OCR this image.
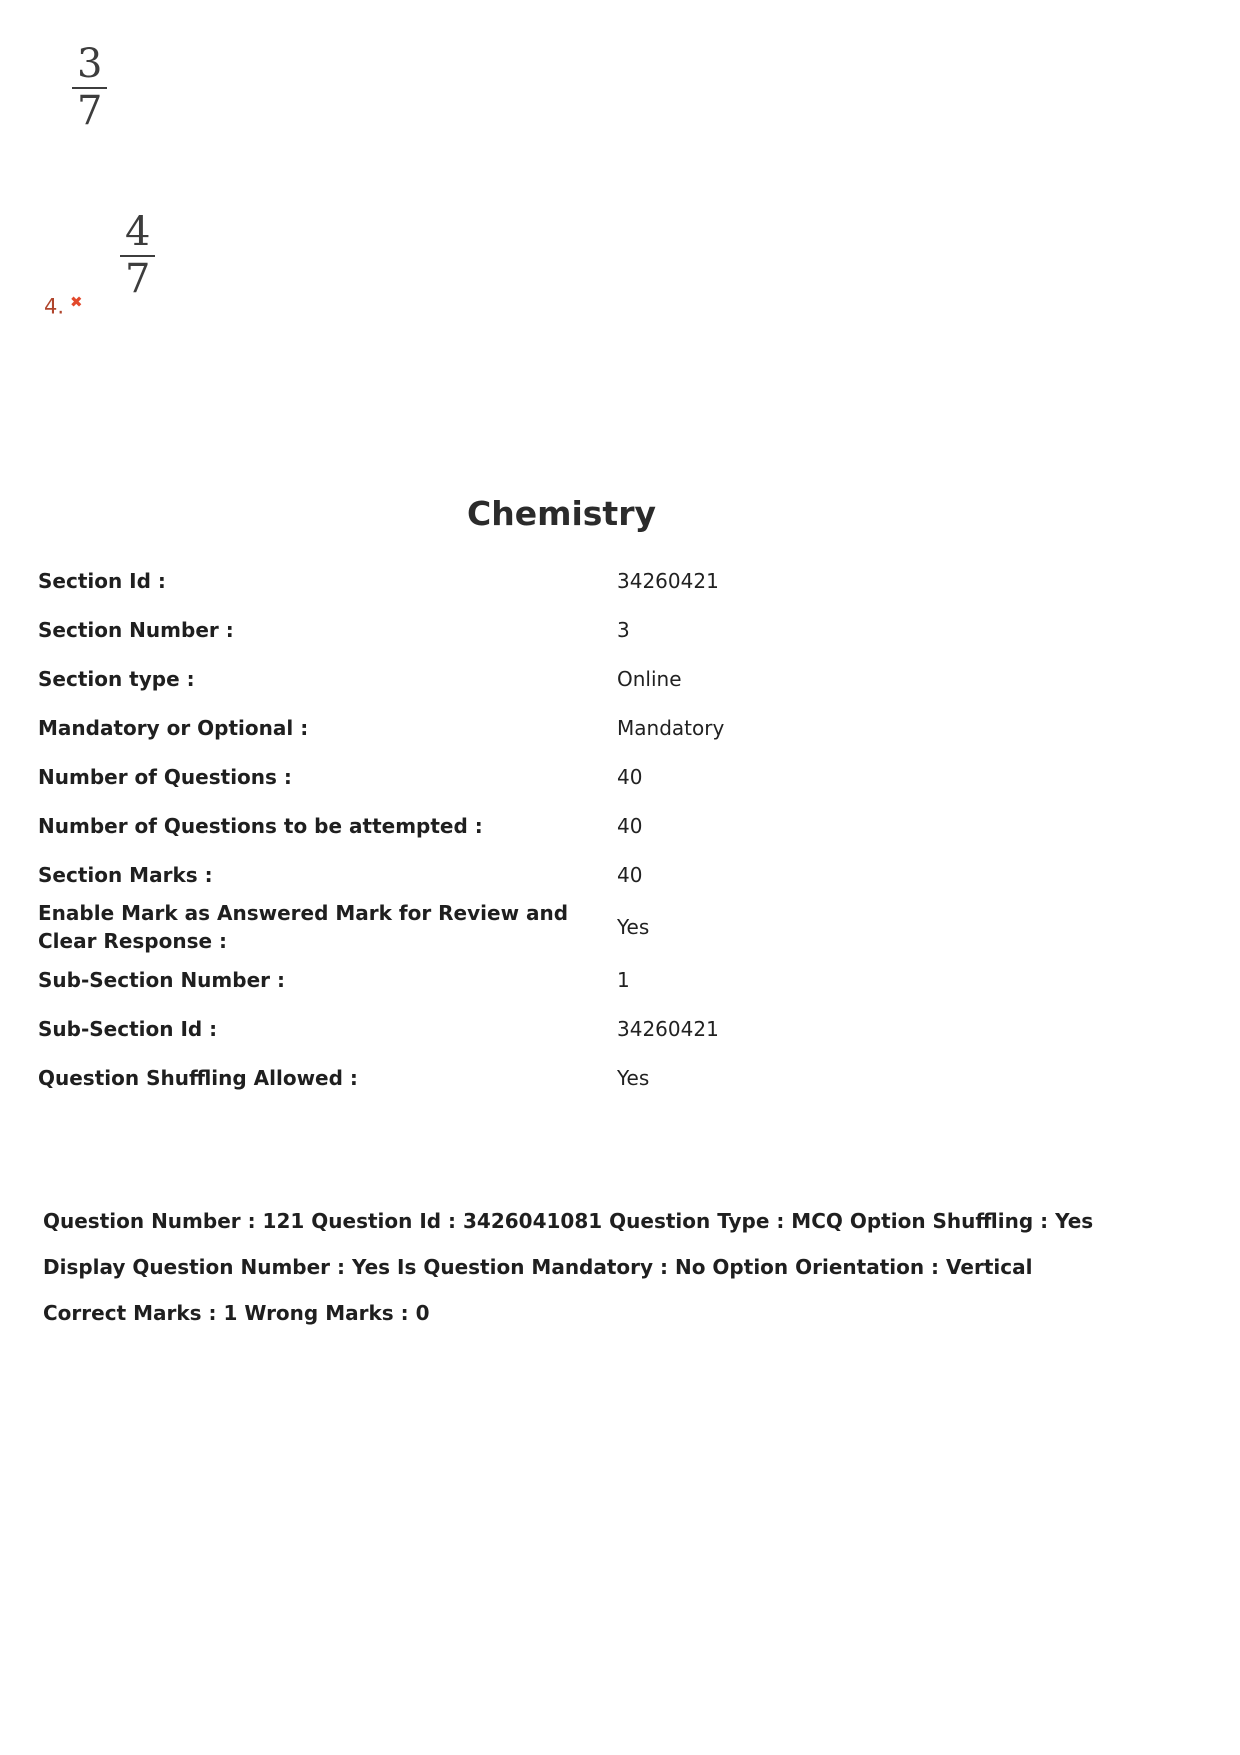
$\frac{3}{7}$
$\frac{4}{7}$
4. ✖
Chemistry
Section Id :	34260421
Section Number :	3
Section type :	Online
Mandatory or Optional :	Mandatory
Number of Questions :	40
Number of Questions to be attempted :	40
Section Marks :	40
Enable Mark as Answered Mark for Review and Clear Response :
Yes
Sub-Section Number :	1
Sub-Section Id :	34260421
Question Shuffling Allowed :	Yes
Question Number : 121 Question Id : 3426041081 Question Type : MCQ Option Shuffling : Yes
Display Question Number : Yes Is Question Mandatory : No Option Orientation : Vertical
Correct Marks : 1 Wrong Marks : 0
